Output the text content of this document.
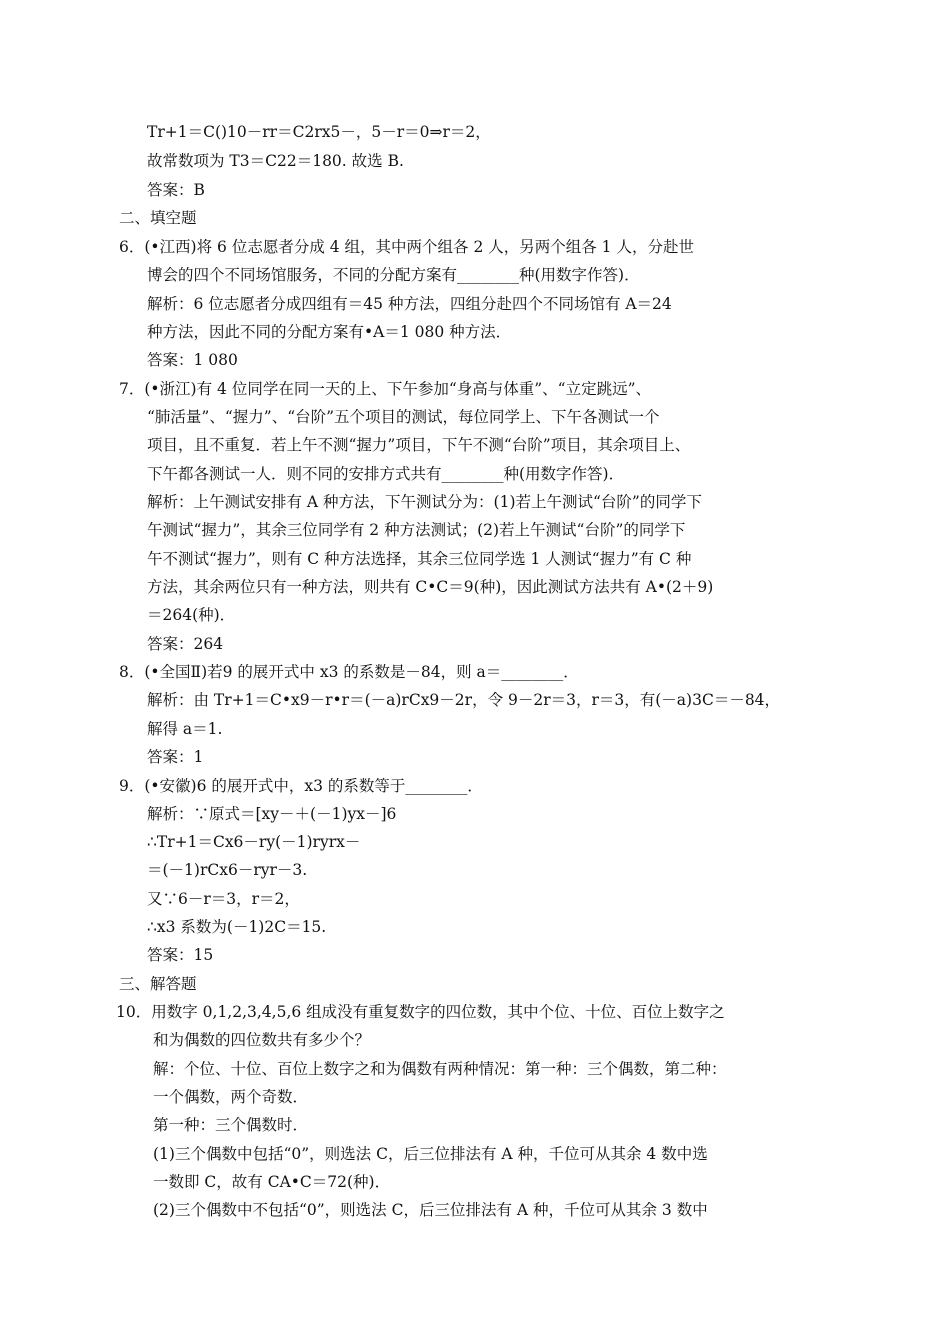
Tr+1＝C()10－rr＝C2rx5－，5－r＝0⇒r＝2，
故常数项为 T3＝C22＝180. 故选 B.
答案：B
二、填空题
6．(•江西)将 6 位志愿者分成 4 组，其中两个组各 2 人，另两个组各 1 人，分赴世
博会的四个不同场馆服务，不同的分配方案有________种(用数字作答)．
解析：6 位志愿者分成四组有＝45 种方法，四组分赴四个不同场馆有 A＝24
种方法，因此不同的分配方案有•A＝1 080 种方法．
答案：1 080
7．(•浙江)有 4 位同学在同一天的上、下午参加“身高与体重”、“立定跳远”、
“肺活量”、“握力”、“台阶”五个项目的测试，每位同学上、下午各测试一个
项目，且不重复．若上午不测“握力”项目，下午不测“台阶”项目，其余项目上、
下午都各测试一人．则不同的安排方式共有________种(用数字作答)．
解析：上午测试安排有 A 种方法，下午测试分为：(1)若上午测试“台阶”的同学下
午测试“握力”，其余三位同学有 2 种方法测试；(2)若上午测试“台阶”的同学下
午不测试“握力”，则有 C 种方法选择，其余三位同学选 1 人测试“握力”有 C 种
方法，其余两位只有一种方法，则共有 C•C＝9(种)，因此测试方法共有 A•(2＋9)
＝264(种)．
答案：264
8．(•全国Ⅱ)若9 的展开式中 x3 的系数是－84，则 a＝________．
解析：由 Tr+1＝C•x9－r•r＝(－a)rCx9－2r，令 9－2r＝3，r＝3，有(－a)3C＝－84，
解得 a＝1.
答案：1
9．(•安徽)6 的展开式中，x3 的系数等于________．
解析：∵原式＝[xy－＋(－1)yx－]6
∴Tr+1＝Cx6－ry(－1)ryrx－
＝(－1)rCx6－ryr－3.
又∵6－r＝3，r＝2，
∴x3 系数为(－1)2C＝15.
答案：15
三、解答题
10．用数字 0,1,2,3,4,5,6 组成没有重复数字的四位数，其中个位、十位、百位上数字之
和为偶数的四位数共有多少个？
解：个位、十位、百位上数字之和为偶数有两种情况：第一种：三个偶数，第二种：
一个偶数，两个奇数．
第一种：三个偶数时．
(1)三个偶数中包括“0”，则选法 C，后三位排法有 A 种，千位可从其余 4 数中选
一数即 C，故有 CA•C＝72(种)．
(2)三个偶数中不包括“0”，则选法 C，后三位排法有 A 种，千位可从其余 3 数中
